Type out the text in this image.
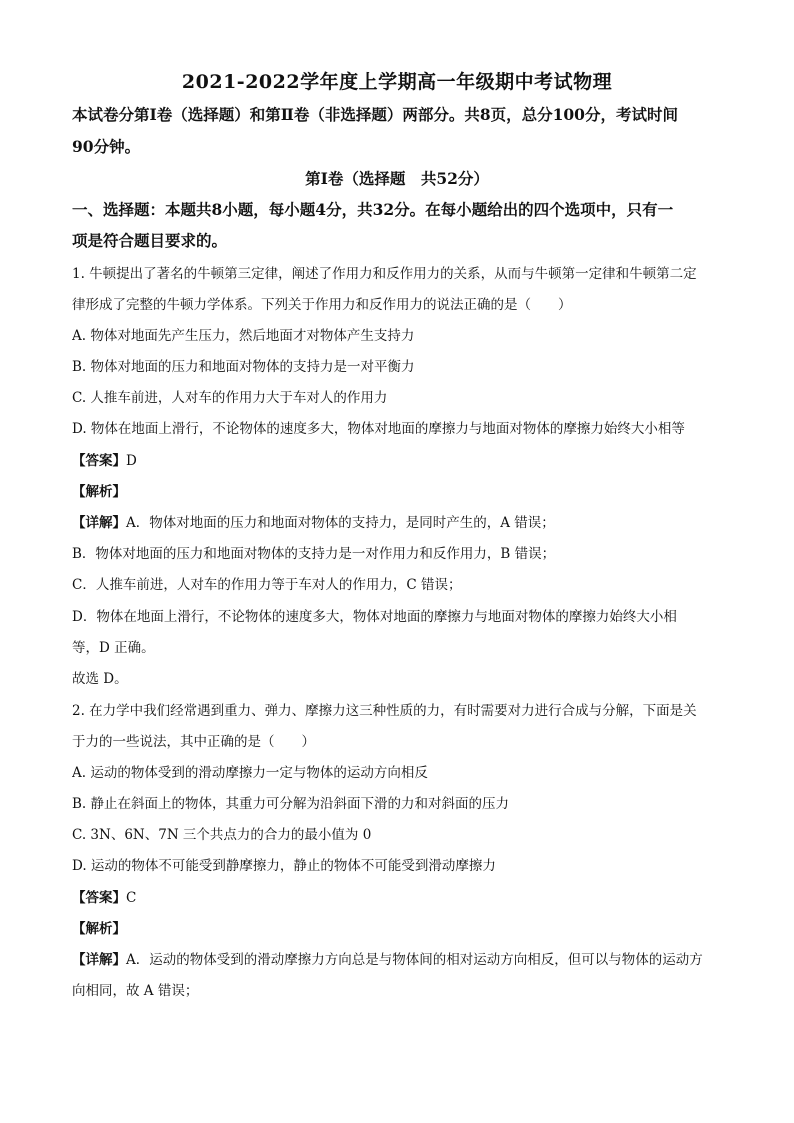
2021-2022学年度上学期高一年级期中考试物理
本试卷分第Ⅰ卷（选择题）和第Ⅱ卷（非选择题）两部分。共8页，总分100分，考试时间
90分钟。
第Ⅰ卷（选择题　共52分）
一、选择题：本题共8小题，每小题4分，共32分。在每小题给出的四个选项中，只有一
项是符合题目要求的。
1. 牛顿提出了著名的牛顿第三定律，阐述了作用力和反作用力的关系，从而与牛顿第一定律和牛顿第二定
律形成了完整的牛顿力学体系。下列关于作用力和反作用力的说法正确的是（　　）
A. 物体对地面先产生压力，然后地面才对物体产生支持力
B. 物体对地面的压力和地面对物体的支持力是一对平衡力
C. 人推车前进，人对车的作用力大于车对人的作用力
D. 物体在地面上滑行，不论物体的速度多大，物体对地面的摩擦力与地面对物体的摩擦力始终大小相等
【答案】D
【解析】
【详解】A．物体对地面的压力和地面对物体的支持力，是同时产生的，A 错误；
B．物体对地面的压力和地面对物体的支持力是一对作用力和反作用力，B 错误；
C．人推车前进，人对车的作用力等于车对人的作用力，C 错误；
D．物体在地面上滑行，不论物体的速度多大，物体对地面的摩擦力与地面对物体的摩擦力始终大小相
等，D 正确。
故选 D。
2. 在力学中我们经常遇到重力、弹力、摩擦力这三种性质的力，有时需要对力进行合成与分解，下面是关
于力的一些说法，其中正确的是（　　）
A. 运动的物体受到的滑动摩擦力一定与物体的运动方向相反
B. 静止在斜面上的物体，其重力可分解为沿斜面下滑的力和对斜面的压力
C. 3N、6N、7N 三个共点力的合力的最小值为 0
D. 运动的物体不可能受到静摩擦力，静止的物体不可能受到滑动摩擦力
【答案】C
【解析】
【详解】A．运动的物体受到的滑动摩擦力方向总是与物体间的相对运动方向相反，但可以与物体的运动方
向相同，故 A 错误；
